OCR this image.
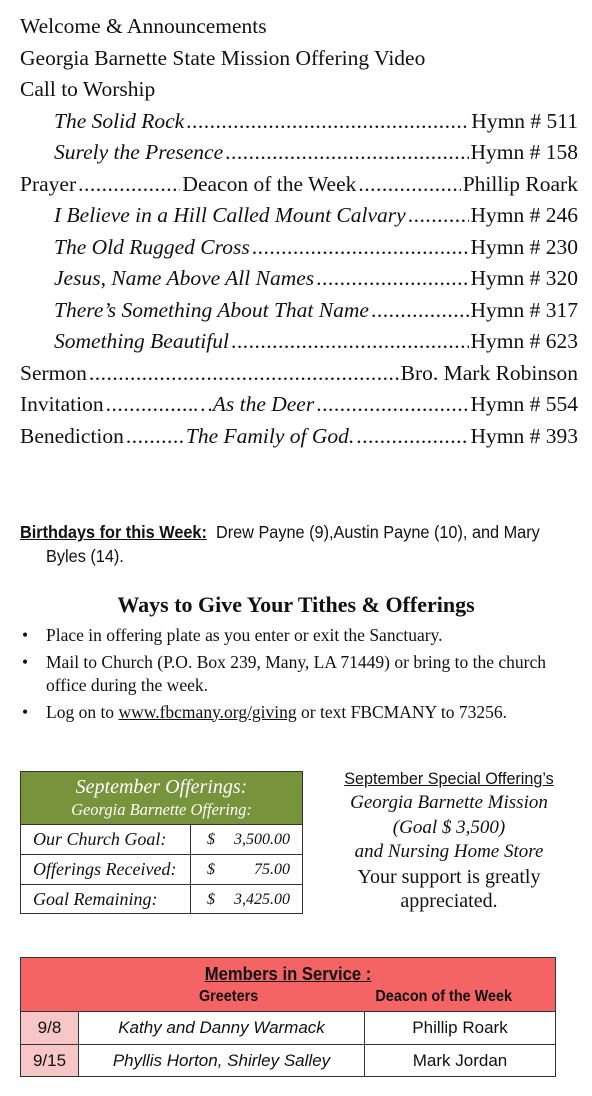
Welcome & Announcements
Georgia Barnette State Mission Offering Video
Call to Worship
The Solid Rock .....	Hymn # 511
Surely the Presence .....	Hymn # 158
Prayer .....	Deacon of the Week .....	Phillip Roark
I Believe in a Hill Called Mount Calvary .....	Hymn # 246
The Old Rugged Cross .....	Hymn # 230
Jesus, Name Above All Names .....	Hymn # 320
There’s Something About That Name .....	Hymn # 317
Something Beautiful .....	Hymn # 623
Sermon .....	Bro. Mark Robinson
Invitation .....	…As the Deer .....	Hymn # 554
Benediction .....	The Family of God. .....	Hymn # 393
Birthdays for this Week: Drew Payne (9),Austin Payne (10), and Mary
Byles (14).
Ways to Give Your Tithes & Offerings
• Place in offering plate as you enter or exit the Sanctuary.
• Mail to Church (P.O. Box 239, Many, LA 71449) or bring to the church office during the week.
• Log on to www.fbcmany.org/giving or text FBCMANY to 73256.
September Offerings:
Georgia Barnette Offering:
Our Church Goal:	$ 3,500.00
Offerings Received:	$ 75.00
Goal Remaining:	$ 3,425.00
September Special Offering’s
Georgia Barnette Mission
(Goal $ 3,500)
and Nursing Home Store
Your support is greatly
appreciated.
Members in Service :
Greeters	Deacon of the Week
9/8	Kathy and Danny Warmack	Phillip Roark
9/15	Phyllis Horton, Shirley Salley	Mark Jordan
